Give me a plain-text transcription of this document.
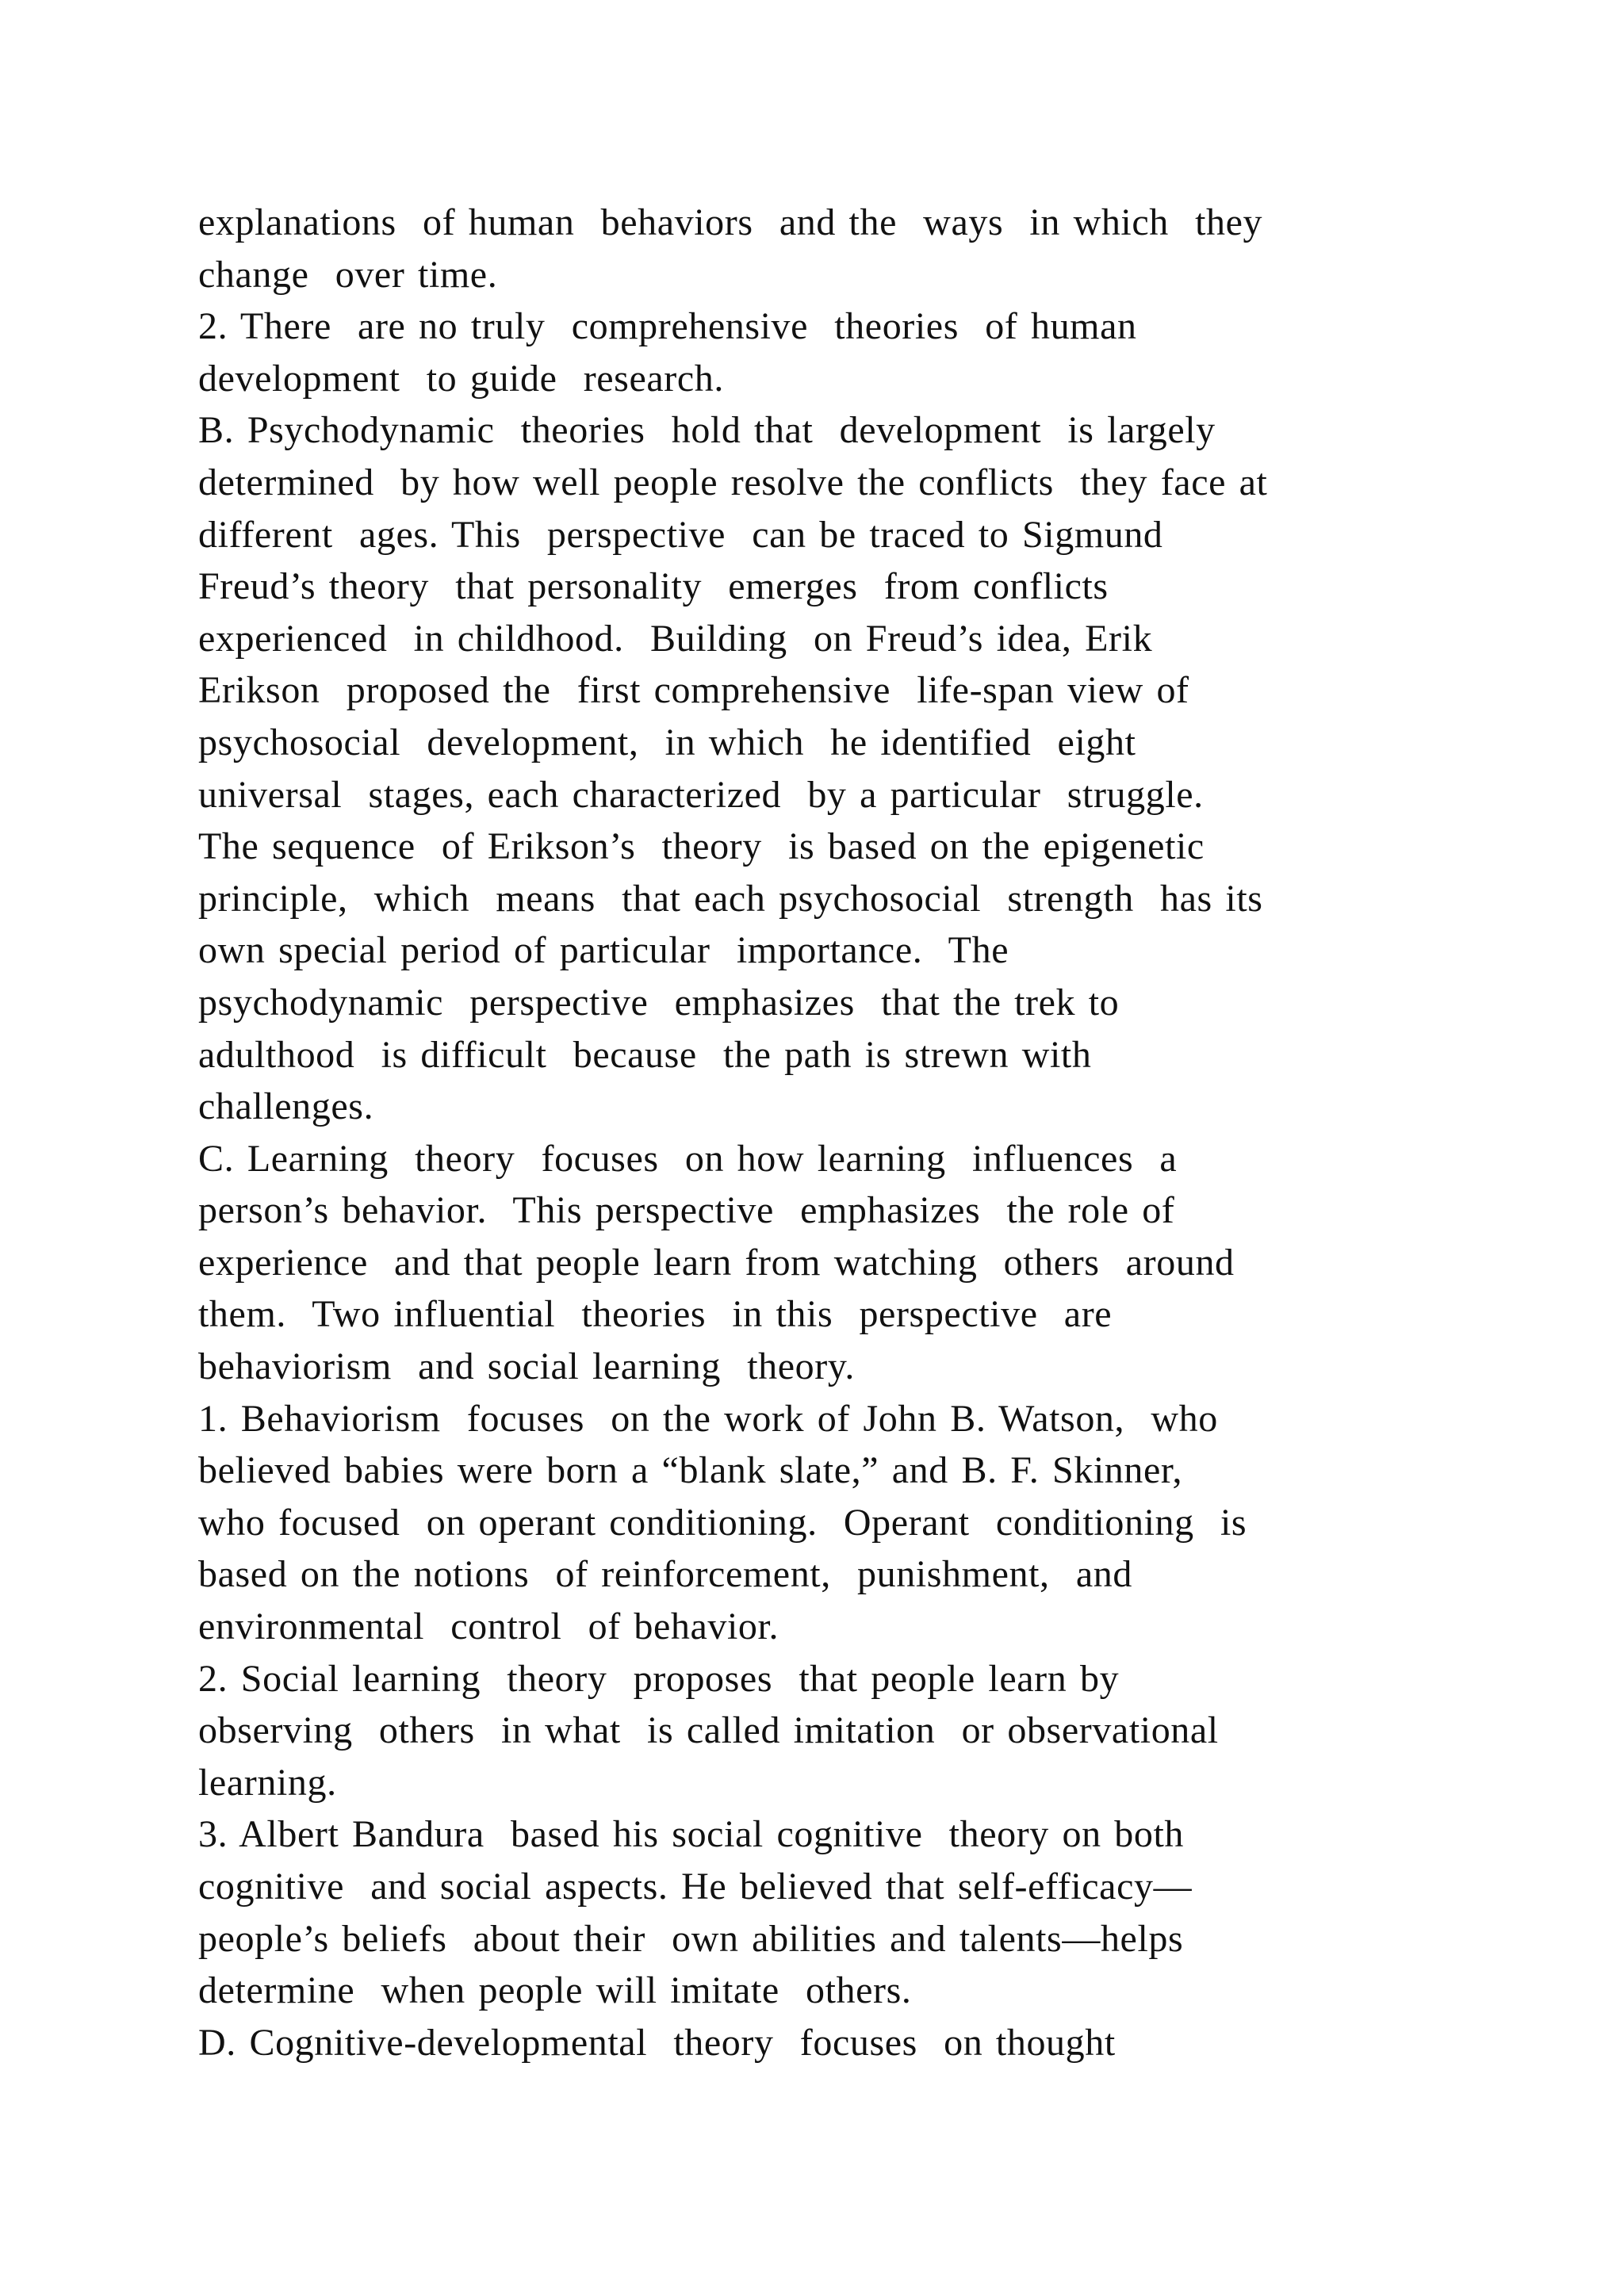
explanations  of human  behaviors  and the  ways  in which  they
change  over time.
2. There  are no truly  comprehensive  theories  of human
development  to guide  research.
B. Psychodynamic  theories  hold that  development  is largely
determined  by how well people resolve the conflicts  they face at
different  ages. This  perspective  can be traced to Sigmund
Freud’s theory  that personality  emerges  from conflicts
experienced  in childhood.  Building  on Freud’s idea, Erik
Erikson  proposed the  first comprehensive  life-span view of
psychosocial  development,  in which  he identified  eight
universal  stages, each characterized  by a particular  struggle.
The sequence  of Erikson’s  theory  is based on the epigenetic
principle,  which  means  that each psychosocial  strength  has its
own special period of particular  importance.  The
psychodynamic  perspective  emphasizes  that the trek to
adulthood  is difficult  because  the path is strewn with
challenges.
C. Learning  theory  focuses  on how learning  influences  a
person’s behavior.  This perspective  emphasizes  the role of
experience  and that people learn from watching  others  around
them.  Two influential  theories  in this  perspective  are
behaviorism  and social learning  theory.
1. Behaviorism  focuses  on the work of John B. Watson,  who
believed babies were born a “blank slate,” and B. F. Skinner,
who focused  on operant conditioning.  Operant  conditioning  is
based on the notions  of reinforcement,  punishment,  and
environmental  control  of behavior.
2. Social learning  theory  proposes  that people learn by
observing  others  in what  is called imitation  or observational
learning.
3. Albert Bandura  based his social cognitive  theory on both
cognitive  and social aspects. He believed that self-efficacy—
people’s beliefs  about their  own abilities and talents—helps
determine  when people will imitate  others.
D. Cognitive-developmental  theory  focuses  on thought
